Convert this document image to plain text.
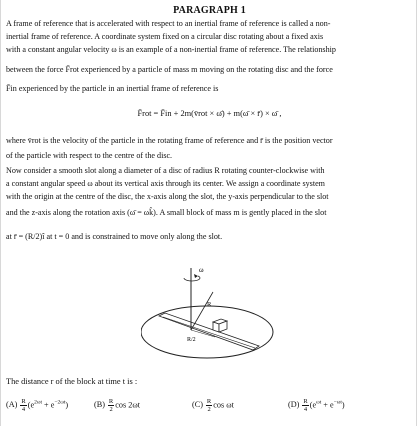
PARAGRAPH 1
A frame of reference that is accelerated with respect to an inertial frame of reference is called a non-
inertial frame of reference. A coordinate system fixed on a circular disc rotating about a fixed axis
with a constant angular velocity ω is an example of a non-inertial frame of reference. The relationship
between the force F̄rot experienced by a particle of mass m moving on the rotating disc and the force
F̄in experienced by the particle in an inertial frame of reference is
F̄rot = F̄in + 2m(v̄rot × ω̄) + m(ω̄ × r̄) × ω̄ ,
where v̄rot is the velocity of the particle in the rotating frame of reference and r̄ is the position vector
of the particle with respect to the centre of the disc.
Now consider a smooth slot along a diameter of a disc of radius R rotating counter-clockwise with
a constant angular speed ω about its vertical axis through its center. We assign a coordinate system
with the origin at the centre of the disc, the x-axis along the slot, the y-axis perpendicular to the slot
and the z-axis along the rotation axis (ω̄ = ωk̂). A small block of mass m is gently placed in the slot
at r̄ = (R/2)î at t = 0 and is constrained to move only along the slot.
ω
R
R/2
The distance r of the block at time t is :
$(A) \frac{R}{4} (e^{2\omega t} + e^{-2\omega t})$	$(B) \frac{R}{2}$ cos 2ωt	$(C) \frac{R}{2}$ cos ωt	$(D) \frac{R}{4} (e^{\omega t} + e^{-\omega t})$
